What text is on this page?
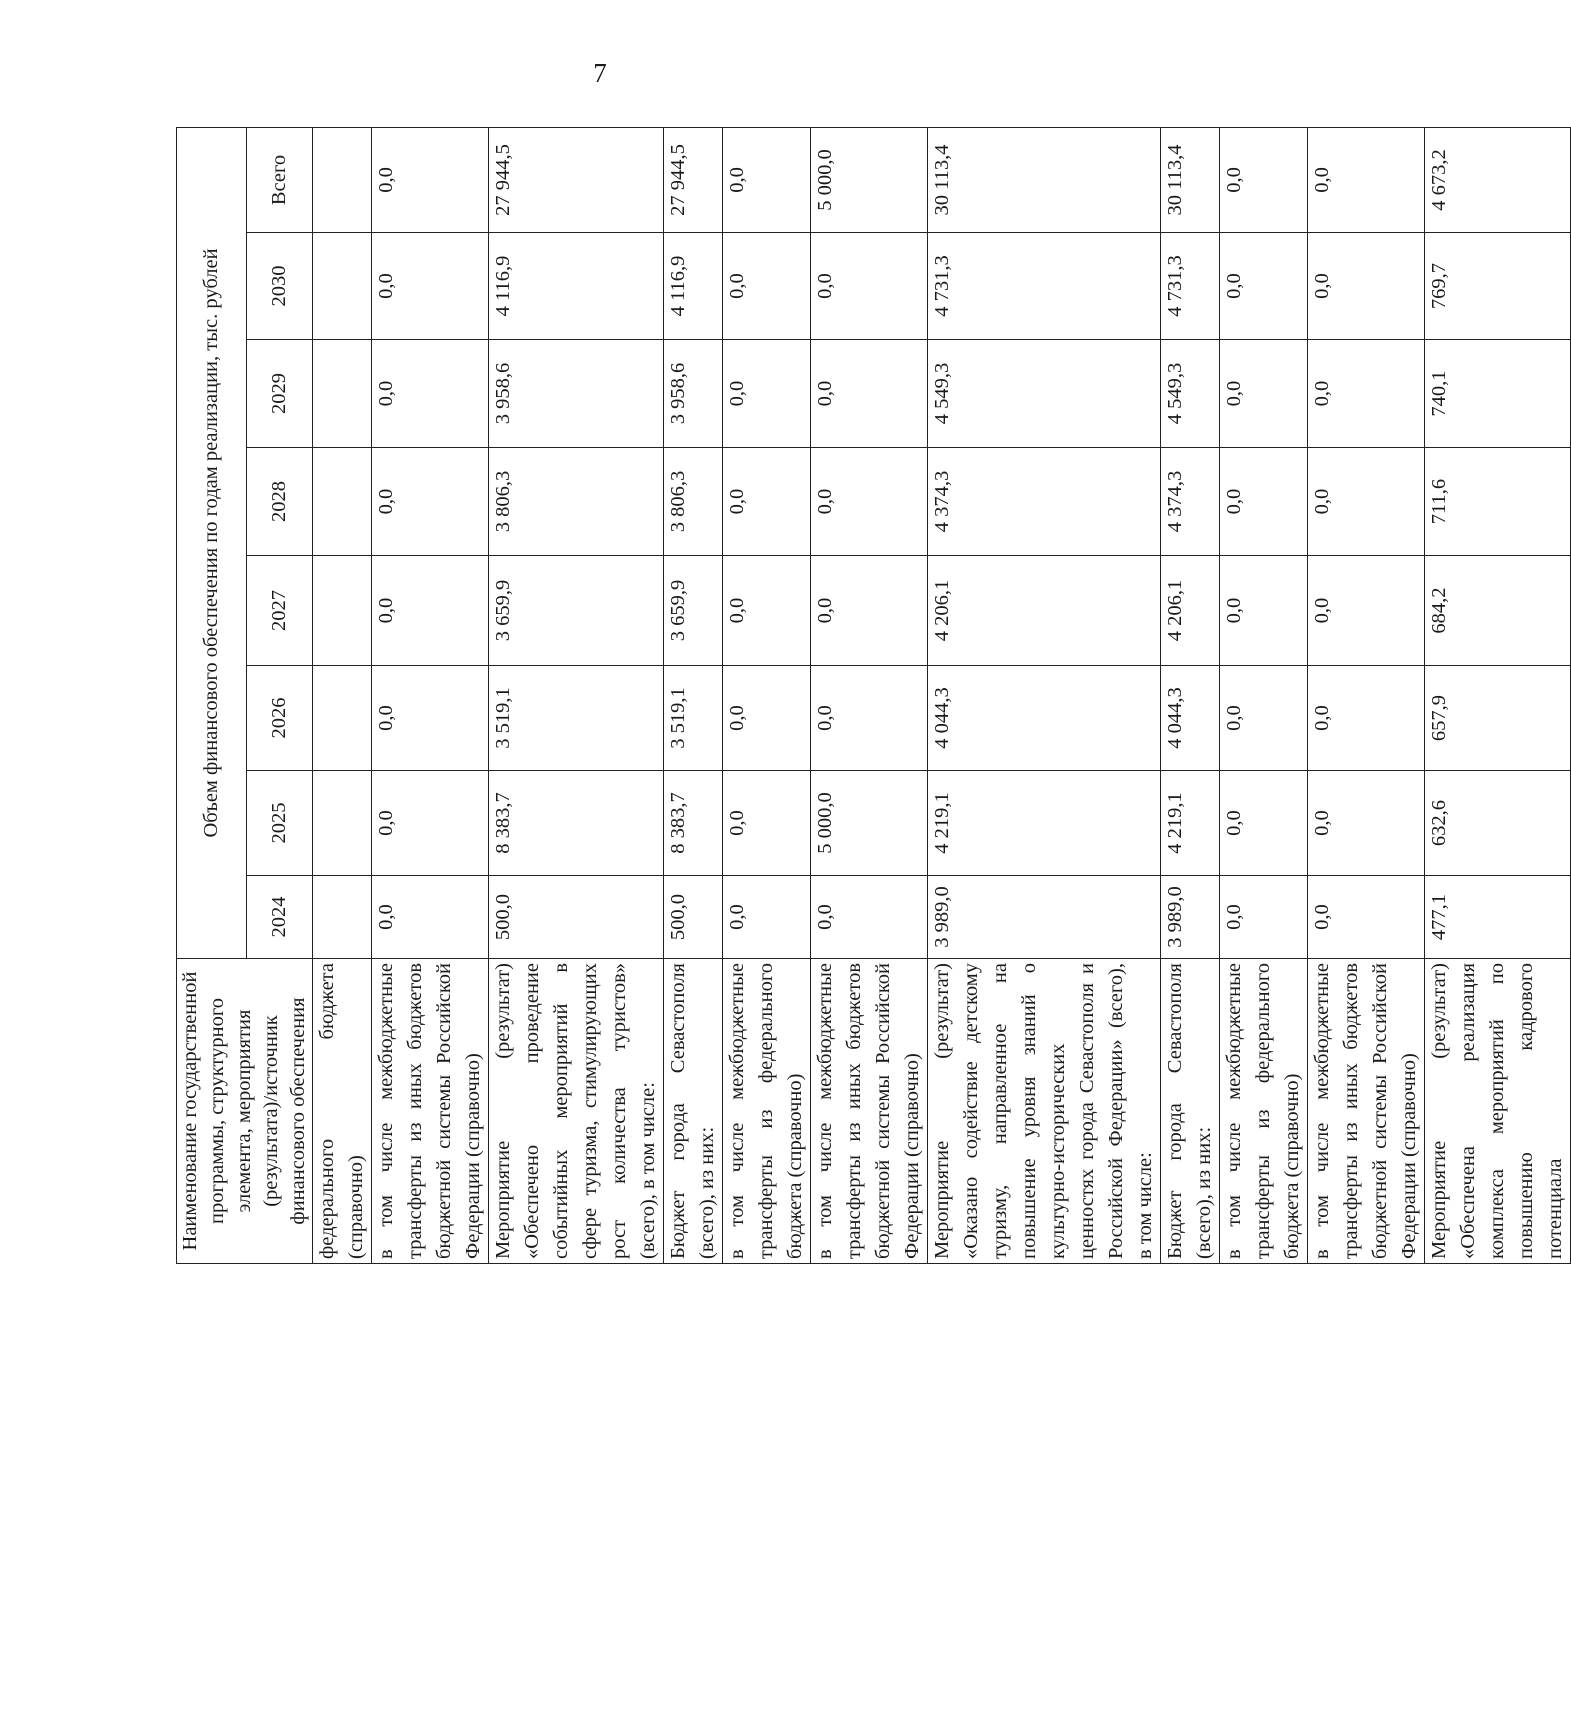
7
Наименование государственной программы, структурного элемента, мероприятия (результата)/источник финансового обеспечения	Объем финансового обеспечения по годам реализации, тыс. рублей							
	2024	2025	2026	2027	2028	2029	2030	Всего
федерального бюджета (справочно)								
в том числе межбюджетные трансферты из иных бюджетов бюджетной системы Российской Федерации (справочно)	0,0	0,0	0,0	0,0	0,0	0,0	0,0	0,0
Мероприятие (результат) «Обеспечено проведение событийных мероприятий в сфере туризма, стимулирующих рост количества туристов» (всего), в том числе:	500,0	8 383,7	3 519,1	3 659,9	3 806,3	3 958,6	4 116,9	27 944,5
Бюджет города Севастополя (всего), из них:	500,0	8 383,7	3 519,1	3 659,9	3 806,3	3 958,6	4 116,9	27 944,5
в том числе межбюджетные трансферты из федерального бюджета (справочно)	0,0	0,0	0,0	0,0	0,0	0,0	0,0	0,0
в том числе межбюджетные трансферты из иных бюджетов бюджетной системы Российской Федерации (справочно)	0,0	5 000,0	0,0	0,0	0,0	0,0	0,0	5 000,0
Мероприятие (результат) «Оказано содействие детскому туризму, направленное на повышение уровня знаний о культурно-исторических ценностях города Севастополя и Российской Федерации» (всего), в том числе:	3 989,0	4 219,1	4 044,3	4 206,1	4 374,3	4 549,3	4 731,3	30 113,4
Бюджет города Севастополя (всего), из них:	3 989,0	4 219,1	4 044,3	4 206,1	4 374,3	4 549,3	4 731,3	30 113,4
в том числе межбюджетные трансферты из федерального бюджета (справочно)	0,0	0,0	0,0	0,0	0,0	0,0	0,0	0,0
в том числе межбюджетные трансферты из иных бюджетов бюджетной системы Российской Федерации (справочно)	0,0	0,0	0,0	0,0	0,0	0,0	0,0	0,0
Мероприятие (результат) «Обеспечена реализация комплекса мероприятий по повышению кадрового потенциала	477,1	632,6	657,9	684,2	711,6	740,1	769,7	4 673,2
